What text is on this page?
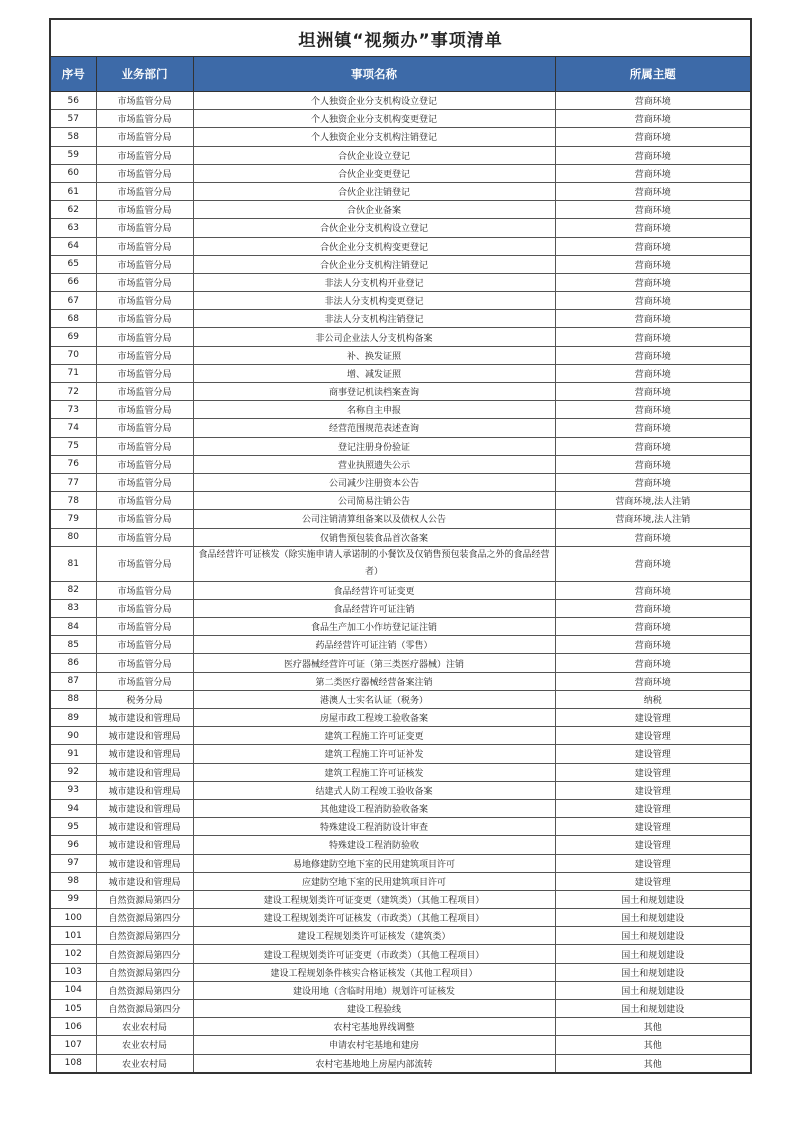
坦洲镇“视频办”事项清单			
序号	业务部门	事项名称	所属主题
56	市场监管分局	个人独资企业分支机构设立登记	营商环境
57	市场监管分局	个人独资企业分支机构变更登记	营商环境
58	市场监管分局	个人独资企业分支机构注销登记	营商环境
59	市场监管分局	合伙企业设立登记	营商环境
60	市场监管分局	合伙企业变更登记	营商环境
61	市场监管分局	合伙企业注销登记	营商环境
62	市场监管分局	合伙企业备案	营商环境
63	市场监管分局	合伙企业分支机构设立登记	营商环境
64	市场监管分局	合伙企业分支机构变更登记	营商环境
65	市场监管分局	合伙企业分支机构注销登记	营商环境
66	市场监管分局	非法人分支机构开业登记	营商环境
67	市场监管分局	非法人分支机构变更登记	营商环境
68	市场监管分局	非法人分支机构注销登记	营商环境
69	市场监管分局	非公司企业法人分支机构备案	营商环境
70	市场监管分局	补、换发证照	营商环境
71	市场监管分局	增、减发证照	营商环境
72	市场监管分局	商事登记机读档案查询	营商环境
73	市场监管分局	名称自主申报	营商环境
74	市场监管分局	经营范围规范表述查询	营商环境
75	市场监管分局	登记注册身份验证	营商环境
76	市场监管分局	营业执照遗失公示	营商环境
77	市场监管分局	公司减少注册资本公告	营商环境
78	市场监管分局	公司简易注销公告	营商环境,法人注销
79	市场监管分局	公司注销清算组备案以及债权人公告	营商环境,法人注销
80	市场监管分局	仅销售预包装食品首次备案	营商环境
81	市场监管分局	食品经营许可证核发（除实施申请人承诺制的小餐饮及仅销售预包装食品之外的食品经营者）	营商环境
82	市场监管分局	食品经营许可证变更	营商环境
83	市场监管分局	食品经营许可证注销	营商环境
84	市场监管分局	食品生产加工小作坊登记证注销	营商环境
85	市场监管分局	药品经营许可证注销（零售）	营商环境
86	市场监管分局	医疗器械经营许可证（第三类医疗器械）注销	营商环境
87	市场监管分局	第二类医疗器械经营备案注销	营商环境
88	税务分局	港澳人士实名认证（税务）	纳税
89	城市建设和管理局	房屋市政工程竣工验收备案	建设管理
90	城市建设和管理局	建筑工程施工许可证变更	建设管理
91	城市建设和管理局	建筑工程施工许可证补发	建设管理
92	城市建设和管理局	建筑工程施工许可证核发	建设管理
93	城市建设和管理局	结建式人防工程竣工验收备案	建设管理
94	城市建设和管理局	其他建设工程消防验收备案	建设管理
95	城市建设和管理局	特殊建设工程消防设计审查	建设管理
96	城市建设和管理局	特殊建设工程消防验收	建设管理
97	城市建设和管理局	易地修建防空地下室的民用建筑项目许可	建设管理
98	城市建设和管理局	应建防空地下室的民用建筑项目许可	建设管理
99	自然资源局第四分	建设工程规划类许可证变更（建筑类）（其他工程项目）	国土和规划建设
100	自然资源局第四分	建设工程规划类许可证核发（市政类）（其他工程项目）	国土和规划建设
101	自然资源局第四分	建设工程规划类许可证核发（建筑类）	国土和规划建设
102	自然资源局第四分	建设工程规划类许可证变更（市政类）（其他工程项目）	国土和规划建设
103	自然资源局第四分	建设工程规划条件核实合格证核发（其他工程项目）	国土和规划建设
104	自然资源局第四分	建设用地（含临时用地）规划许可证核发	国土和规划建设
105	自然资源局第四分	建设工程验线	国土和规划建设
106	农业农村局	农村宅基地界线调整	其他
107	农业农村局	申请农村宅基地和建房	其他
108	农业农村局	农村宅基地地上房屋内部流转	其他
